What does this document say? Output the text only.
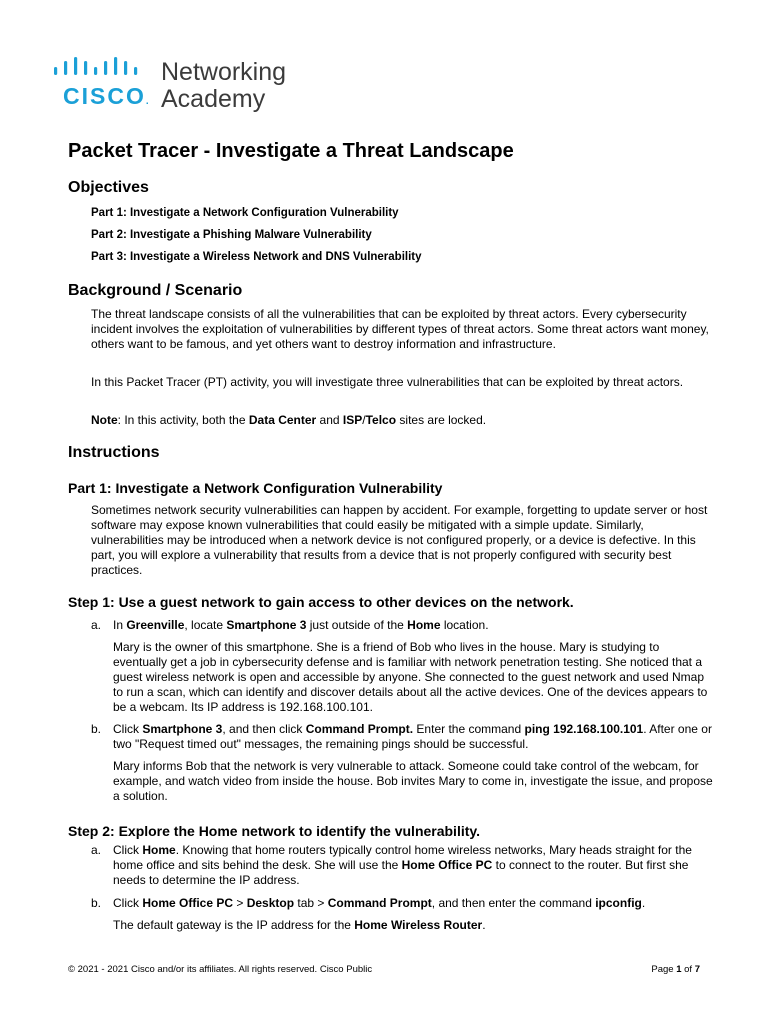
CISCO.
Networking
Academy
Packet Tracer - Investigate a Threat Landscape
Objectives
Part 1: Investigate a Network Configuration Vulnerability
Part 2: Investigate a Phishing Malware Vulnerability
Part 3: Investigate a Wireless Network and DNS Vulnerability
Background / Scenario
The threat landscape consists of all the vulnerabilities that can be exploited by threat actors. Every cybersecurity incident involves the exploitation of vulnerabilities by different types of threat actors. Some threat actors want money, others want to be famous, and yet others want to destroy information and infrastructure.
In this Packet Tracer (PT) activity, you will investigate three vulnerabilities that can be exploited by threat actors.
Note: In this activity, both the Data Center and ISP/Telco sites are locked.
Instructions
Part 1: Investigate a Network Configuration Vulnerability
Sometimes network security vulnerabilities can happen by accident. For example, forgetting to update server or host software may expose known vulnerabilities that could easily be mitigated with a simple update. Similarly, vulnerabilities may be introduced when a network device is not configured properly, or a device is defective. In this part, you will explore a vulnerability that results from a device that is not properly configured with security best practices.
Step 1: Use a guest network to gain access to other devices on the network.
a. In Greenville, locate Smartphone 3 just outside of the Home location.
Mary is the owner of this smartphone. She is a friend of Bob who lives in the house. Mary is studying to eventually get a job in cybersecurity defense and is familiar with network penetration testing. She noticed that a guest wireless network is open and accessible by anyone. She connected to the guest network and used Nmap to run a scan, which can identify and discover details about all the active devices. One of the devices appears to be a webcam. Its IP address is 192.168.100.101.
b. Click Smartphone 3, and then click Command Prompt. Enter the command ping 192.168.100.101. After one or two "Request timed out" messages, the remaining pings should be successful.
Mary informs Bob that the network is very vulnerable to attack. Someone could take control of the webcam, for example, and watch video from inside the house. Bob invites Mary to come in, investigate the issue, and propose a solution.
Step 2: Explore the Home network to identify the vulnerability.
a. Click Home. Knowing that home routers typically control home wireless networks, Mary heads straight for the home office and sits behind the desk. She will use the Home Office PC to connect to the router. But first she needs to determine the IP address.
b. Click Home Office PC > Desktop tab > Command Prompt, and then enter the command ipconfig.
The default gateway is the IP address for the Home Wireless Router.
© 2021 - 2021 Cisco and/or its affiliates. All rights reserved. Cisco Public	Page 1 of 7
